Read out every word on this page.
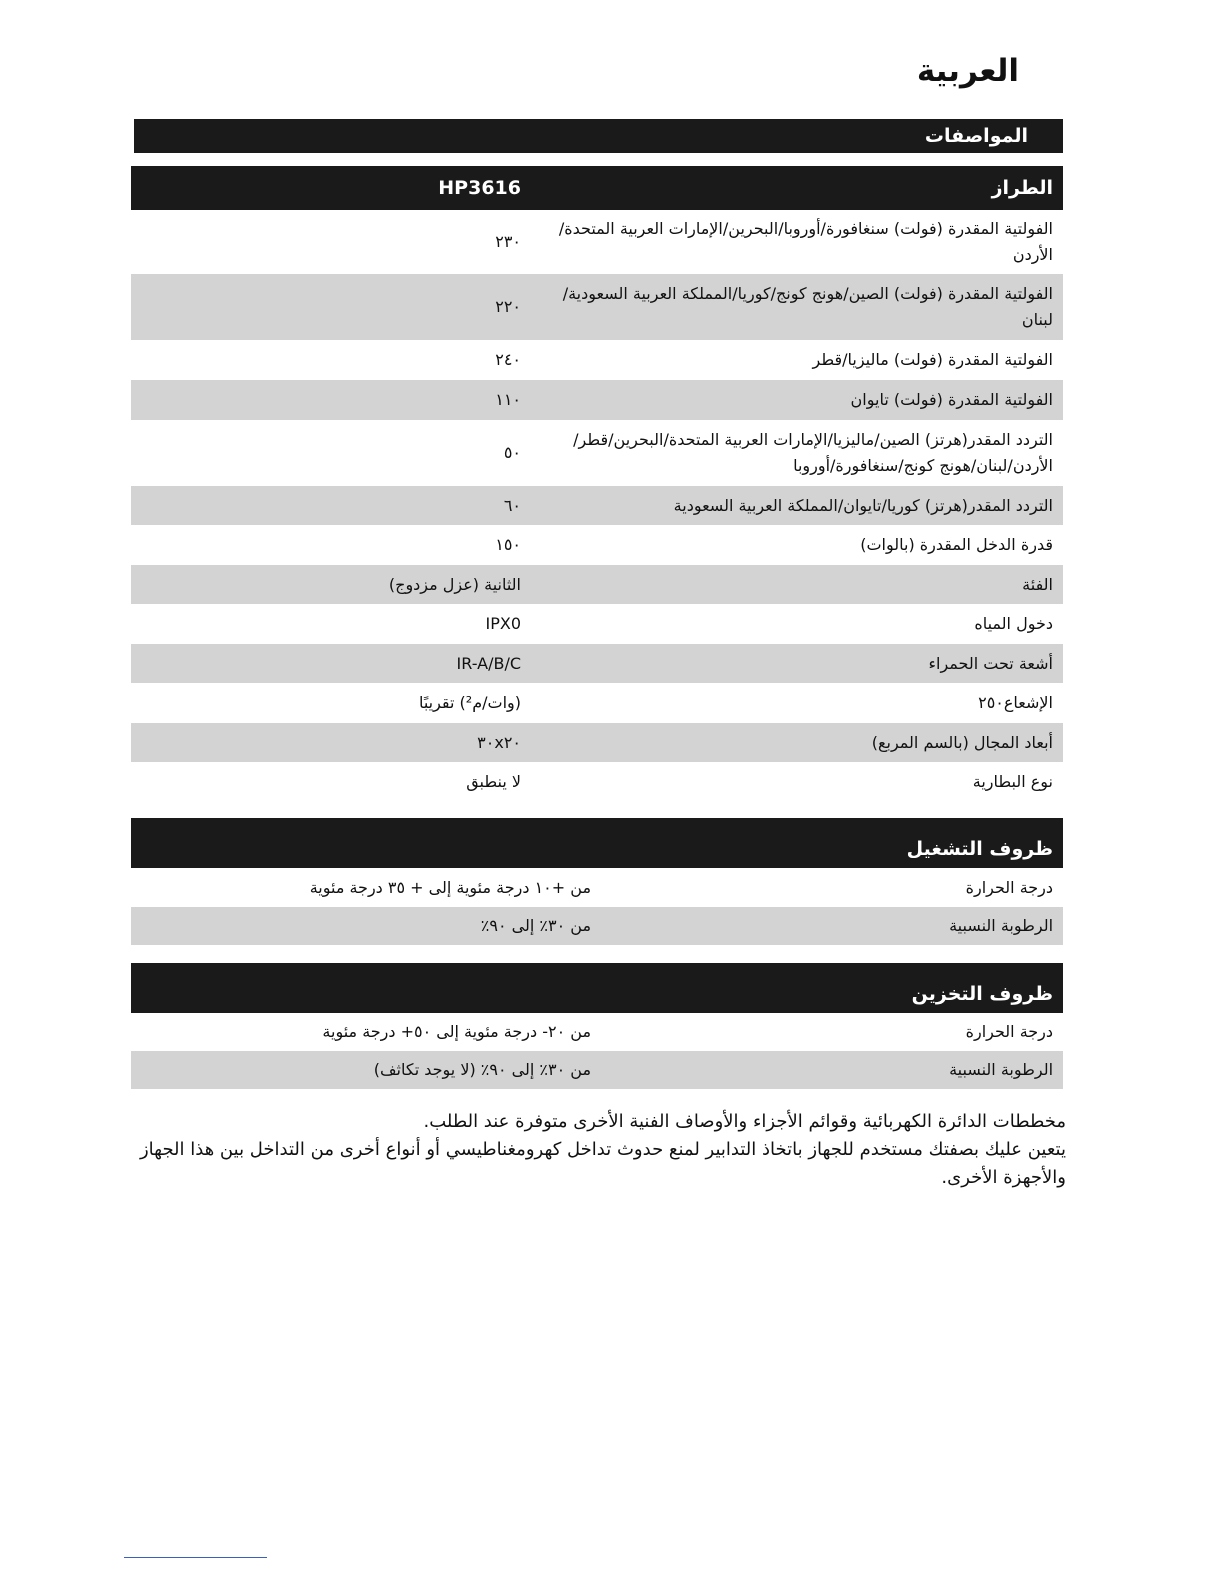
العربية
المواصفات
الطراز	HP3616
الفولتية المقدرة (فولت) سنغافورة/أوروبا/البحرين/الإمارات العربية المتحدة/الأردن	٢٣٠
الفولتية المقدرة (فولت) الصين/هونج كونج/كوريا/المملكة العربية السعودية/لبنان	٢٢٠
الفولتية المقدرة (فولت) ماليزيا/قطر	٢٤٠
الفولتية المقدرة (فولت) تايوان	١١٠
التردد المقدر(هرتز) الصين/ماليزيا/الإمارات العربية المتحدة/البحرين/قطر/الأردن/لبنان/هونج كونج/سنغافورة/أوروبا	٥٠
التردد المقدر(هرتز) كوريا/تايوان/المملكة العربية السعودية	٦٠
قدرة الدخل المقدرة (بالوات)	١٥٠
الفئة	الثانية (عزل مزدوج)
دخول المياه	IPX0
أشعة تحت الحمراء	IR-A/B/C
الإشعاع٢٥٠	(وات/م²) تقريبًا
أبعاد المجال (بالسم المربع)	٣٠x٢٠
نوع البطارية	لا ينطبق
ظروف التشغيل	
درجة الحرارة	من +١٠ درجة مئوية إلى + ٣٥ درجة مئوية
الرطوبة النسبية	من ٣٠٪ إلى ٩٠٪
ظروف التخزين	
درجة الحرارة	من ٢٠- درجة مئوية إلى ٥٠+ درجة مئوية
الرطوبة النسبية	من ٣٠٪ إلى ٩٠٪ (لا يوجد تكاثف)

مخططات الدائرة الكهربائية وقوائم الأجزاء والأوصاف الفنية الأخرى متوفرة عند الطلب.

يتعين عليك بصفتك مستخدم للجهاز باتخاذ التدابير لمنع حدوث تداخل كهرومغناطيسي أو أنواع أخرى من التداخل بين هذا الجهاز والأجهزة الأخرى.
